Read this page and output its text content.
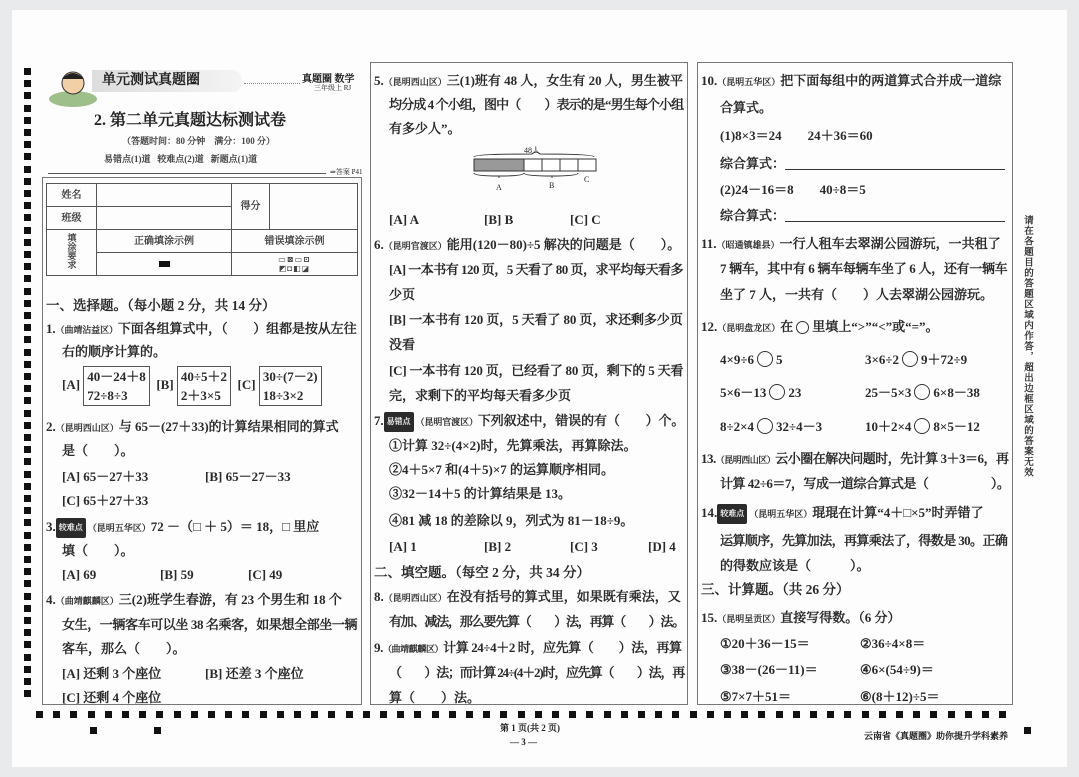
单元测试真题圈	真题圈 数学
三年级上 RJ
2. 第二单元真题达标测试卷
（答题时间：80 分钟　满分：100 分）
易错点(1)道 较难点(2)道 新题点(1)道
⇒答案 P41
姓名		得分	
班级			
填涂要求	正确填涂示例	错误填涂示例	
		▭⊠▭⊡
◩◘◧◪	
一、选择题。（每小题 2 分，共 14 分）
1.（曲靖沾益区）下面各组算式中，（　　）组都是按从左往
右的顺序计算的。
[A] 40－24＋8
72÷8÷3  [B] 40÷5＋2
2＋3×5  [C] 30÷(7－2)
18÷3×2
2.（昆明西山区）与 65－(27＋33)的计算结果相同的算式
是（　　）。
[A] 65－27＋33	[B] 65－27－33
[C] 65＋27＋33
3. 较难点 （昆明五华区）72 －（□ ＋ 5）＝ 18，□ 里应
填（　　）。
[A] 69	[B] 59	[C] 49
4.（曲靖麒麟区）三(2)班学生春游，有 23 个男生和 18 个
女生，一辆客车可以坐 38 名乘客，如果想全部坐一辆
客车，那么（　　）。
[A] 还剩 3 个座位	[B] 还差 3 个座位
[C] 还剩 4 个座位
5.（昆明西山区）三(1)班有 48 人，女生有 20 人，男生被平
均分成 4 个小组，图中（　　）表示的是“男生每个小组
有多少人”。
48人
A	B
C
[A] A	[B] B	[C] C
6.（昆明官渡区）能用(120－80)÷5 解决的问题是（　　）。
[A] 一本书有 120 页，5 天看了 80 页，求平均每天看多
少页
[B] 一本书有 120 页，5 天看了 80 页，求还剩多少页
没看
[C] 一本书有 120 页，已经看了 80 页，剩下的 5 天看
完，求剩下的平均每天看多少页
7. 易错点 （昆明官渡区）下列叙述中，错误的有（　　）个。
①计算 32÷(4×2)时，先算乘法，再算除法。
②4＋5×7 和(4＋5)×7 的运算顺序相同。
③32－14＋5 的计算结果是 13。
④81 减 18 的差除以 9，列式为 81－18÷9。
[A] 1	[B] 2	[C] 3	[D] 4
二、填空题。（每空 2 分，共 34 分）
8.（昆明西山区）在没有括号的算式里，如果既有乘法，又
有加、减法，那么要先算（　　）法，再算（　　）法。
9.（曲靖麒麟区）计算 24÷4＋2 时，应先算（　　）法，再算
（　　）法；而计算 24÷(4＋2)时，应先算（　　）法，再
算（　　）法。
10.（昆明五华区）把下面每组中的两道算式合并成一道综
合算式。
(1)8×3＝24　　24＋36＝60
综合算式：
(2)24－16＝8　　40÷8＝5
综合算式：
11.（昭通镇雄县）一行人租车去翠湖公园游玩，一共租了
7 辆车，其中有 6 辆车每辆车坐了 6 人，还有一辆车
坐了 7 人，一共有（　　）人去翠湖公园游玩。
12.（昆明盘龙区）在 里填上“>”“<”或“=”。
4×9÷6 5	3×6÷2 9＋72÷9
5×6－13 23	25－5×3 6×8－38
8÷2×4 32÷4－3	10＋2×4 8×5－12
13.（昆明西山区）云小圈在解决问题时，先计算 3＋3＝6，再
计算 42÷6＝7，写成一道综合算式是（　　　　　）。
14. 较难点 （昆明五华区）琨琨在计算“4＋□×5”时弄错了
运算顺序，先算加法，再算乘法了，得数是 30。正确
的得数应该是（　　　）。
三、计算题。（共 26 分）
15.（昆明呈贡区）直接写得数。（6 分）
①20＋36－15＝	②36÷4×8＝
③38－(26－11)＝	④6×(54÷9)＝
⑤7×7＋51＝	⑥(8＋12)÷5＝
请在各题目的答题区域内作答，超出边框区域的答案无效
第 1 页(共 2 页)
— 3 —
云南省《真题圈》助你提升学科素养
